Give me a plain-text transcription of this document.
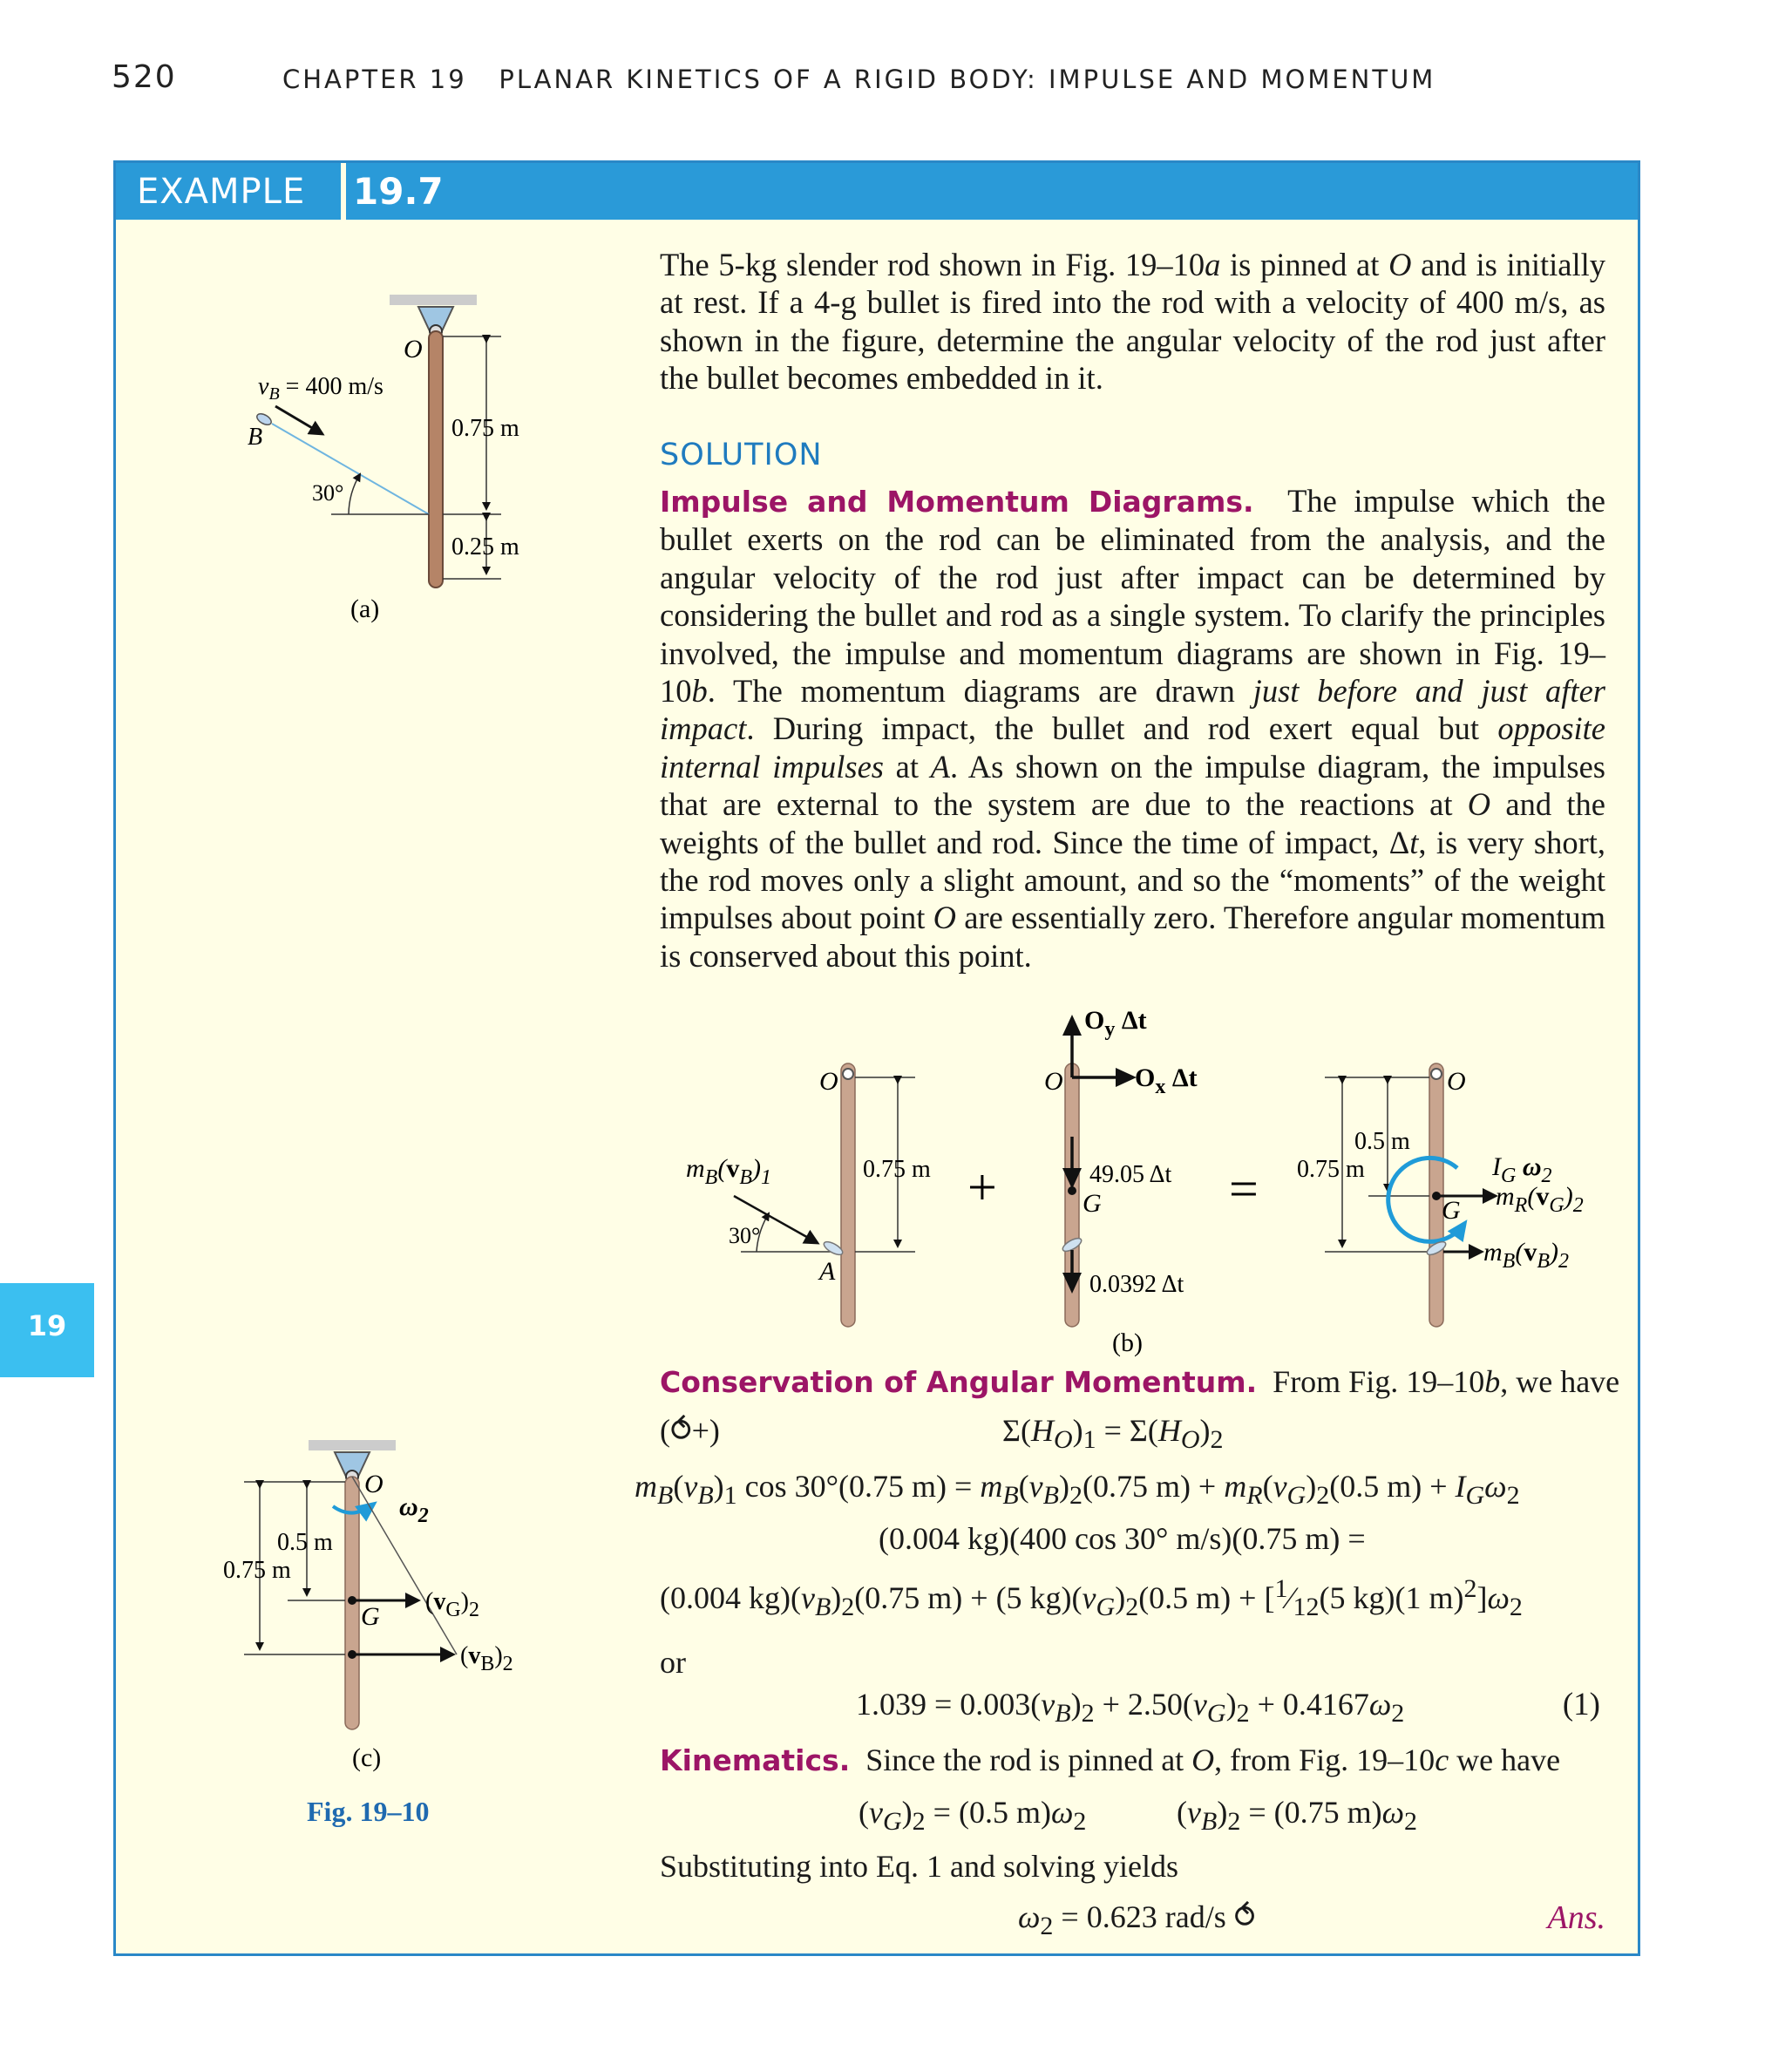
520	CHAPTER 19 PLANAR KINETICS OF A RIGID BODY: IMPULSE AND MOMENTUM
19
EXAMPLE 19.7

The 5-kg slender rod shown in Fig. 19–10a is pinned at O and is initially at rest. If a 4-g bullet is fired into the rod with a velocity of 400 m/s, as shown in the figure, determine the angular velocity of the rod just after the bullet becomes embedded in it.

SOLUTION

Impulse and Momentum Diagrams. The impulse which the bullet exerts on the rod can be eliminated from the analysis, and the angular velocity of the rod just after impact can be determined by considering the bullet and rod as a single system. To clarify the principles involved, the impulse and momentum diagrams are shown in Fig. 19–10b. The momentum diagrams are drawn just before and just after impact. During impact, the bullet and rod exert equal but opposite internal impulses at A. As shown on the impulse diagram, the impulses that are external to the system are due to the reactions at O and the weights of the bullet and rod. Since the time of impact, Δt, is very short, the rod moves only a slight amount, and so the “moments” of the weight impulses about point O are essentially zero. Therefore angular momentum is conserved about this point.

Conservation of Angular Momentum. From Fig. 19–10b, we have
(⥀+)	$\Sigma(H_O)_1 = \Sigma(H_O)_2$
$m_B(v_B)_1$ cos 30°(0.75 $m) = m_B(v_B)_2(0.75$ $m) + m_R(v_G)_2(0.5$ $m) + I_G\omega_2$
(0.004 kg)(400 cos 30° m/s)(0.75 m) =
(0.004 $kg)(v_B)_2(0.75$ m) + (5 $kg)(v_G)_2(0.5$ $m) + [^1⁄_{12}(5$ kg)(1 $m)^2]\omega_2$
or
$1.039 = 0.003(v_B)_2 + 2.50(v_G)_2 + 0.4167\omega_2$	(1)
Kinematics. Since the rod is pinned at O, from Fig. 19–10c we have
$(v_G)_2 = (0.5$ $m)\omega_2$	$(v_B)_2 = (0.75$ $m)\omega_2$
Substituting into Eq. 1 and solving yields
$\omega_2 = 0.623$ rad/s ⥀	Ans.
Fig. 19–10
0.75 m
0.25 m
O
$v_B = 400$ m/s
B
30°
(a)
O
0.75 m
30°
A
$m_B(v_B)_1$	+
$O_y$ Δt
$O_x$ Δt
O
49.05 Δt
G
0.0392 Δt
=
O
0.5 m
0.75 m
G
$I_G$ $\omega_2$
$m_R(v_G)_2$
$m_B(v_B)_2$
(b)
O
$\omega_2$
0.5 m
0.75 m
G
(vG)2
(vB)2
(c)
